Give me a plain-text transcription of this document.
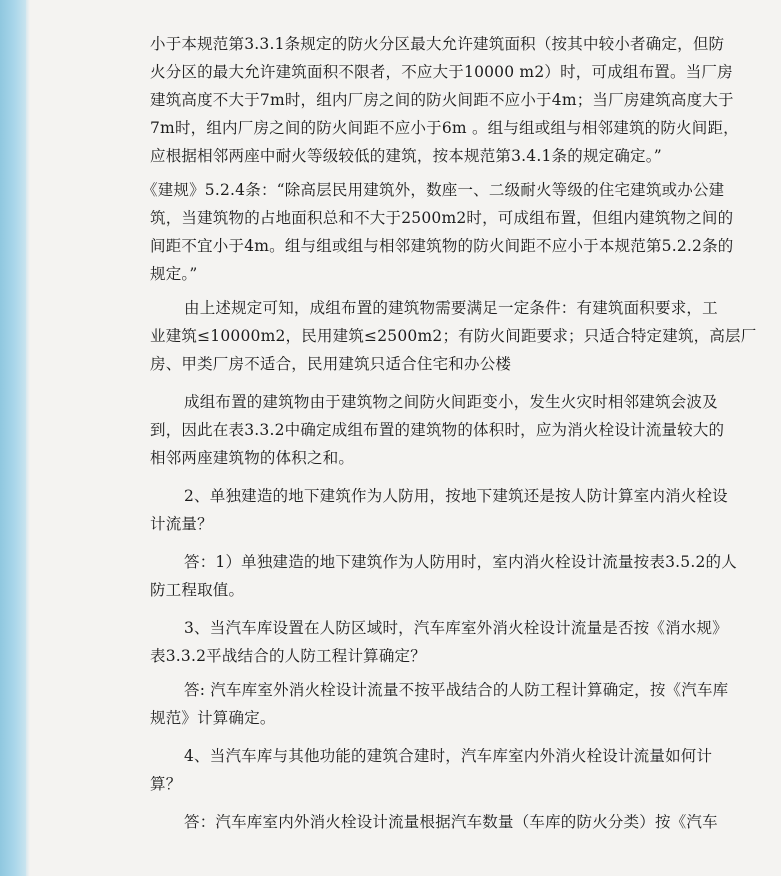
小于本规范第3.3.1条规定的防火分区最大允许建筑面积（按其中较小者确定，但防
火分区的最大允许建筑面积不限者，不应大于10000 m2）时，可成组布置。当厂房
建筑高度不大于7m时，组内厂房之间的防火间距不应小于4m；当厂房建筑高度大于
7m时，组内厂房之间的防火间距不应小于6m 。组与组或组与相邻建筑的防火间距，
应根据相邻两座中耐火等级较低的建筑，按本规范第3.4.1条的规定确定。”
《建规》5.2.4条：“除高层民用建筑外，数座一、二级耐火等级的住宅建筑或办公建
筑，当建筑物的占地面积总和不大于2500m2时，可成组布置，但组内建筑物之间的
间距不宜小于4m。组与组或组与相邻建筑物的防火间距不应小于本规范第5.2.2条的
规定。”
由上述规定可知，成组布置的建筑物需要满足一定条件：有建筑面积要求，工
业建筑≤10000m2，民用建筑≤2500m2；有防火间距要求；只适合特定建筑，高层厂
房、甲类厂房不适合，民用建筑只适合住宅和办公楼
成组布置的建筑物由于建筑物之间防火间距变小，发生火灾时相邻建筑会波及
到，因此在表3.3.2中确定成组布置的建筑物的体积时，应为消火栓设计流量较大的
相邻两座建筑物的体积之和。
2、单独建造的地下建筑作为人防用，按地下建筑还是按人防计算室内消火栓设
计流量？
答：1）单独建造的地下建筑作为人防用时，室内消火栓设计流量按表3.5.2的人
防工程取值。
3、当汽车库设置在人防区域时，汽车库室外消火栓设计流量是否按《消水规》
表3.3.2平战结合的人防工程计算确定？
答: 汽车库室外消火栓设计流量不按平战结合的人防工程计算确定，按《汽车库
规范》计算确定。
4、当汽车库与其他功能的建筑合建时，汽车库室内外消火栓设计流量如何计
算？
答：汽车库室内外消火栓设计流量根据汽车数量（车库的防火分类）按《汽车
